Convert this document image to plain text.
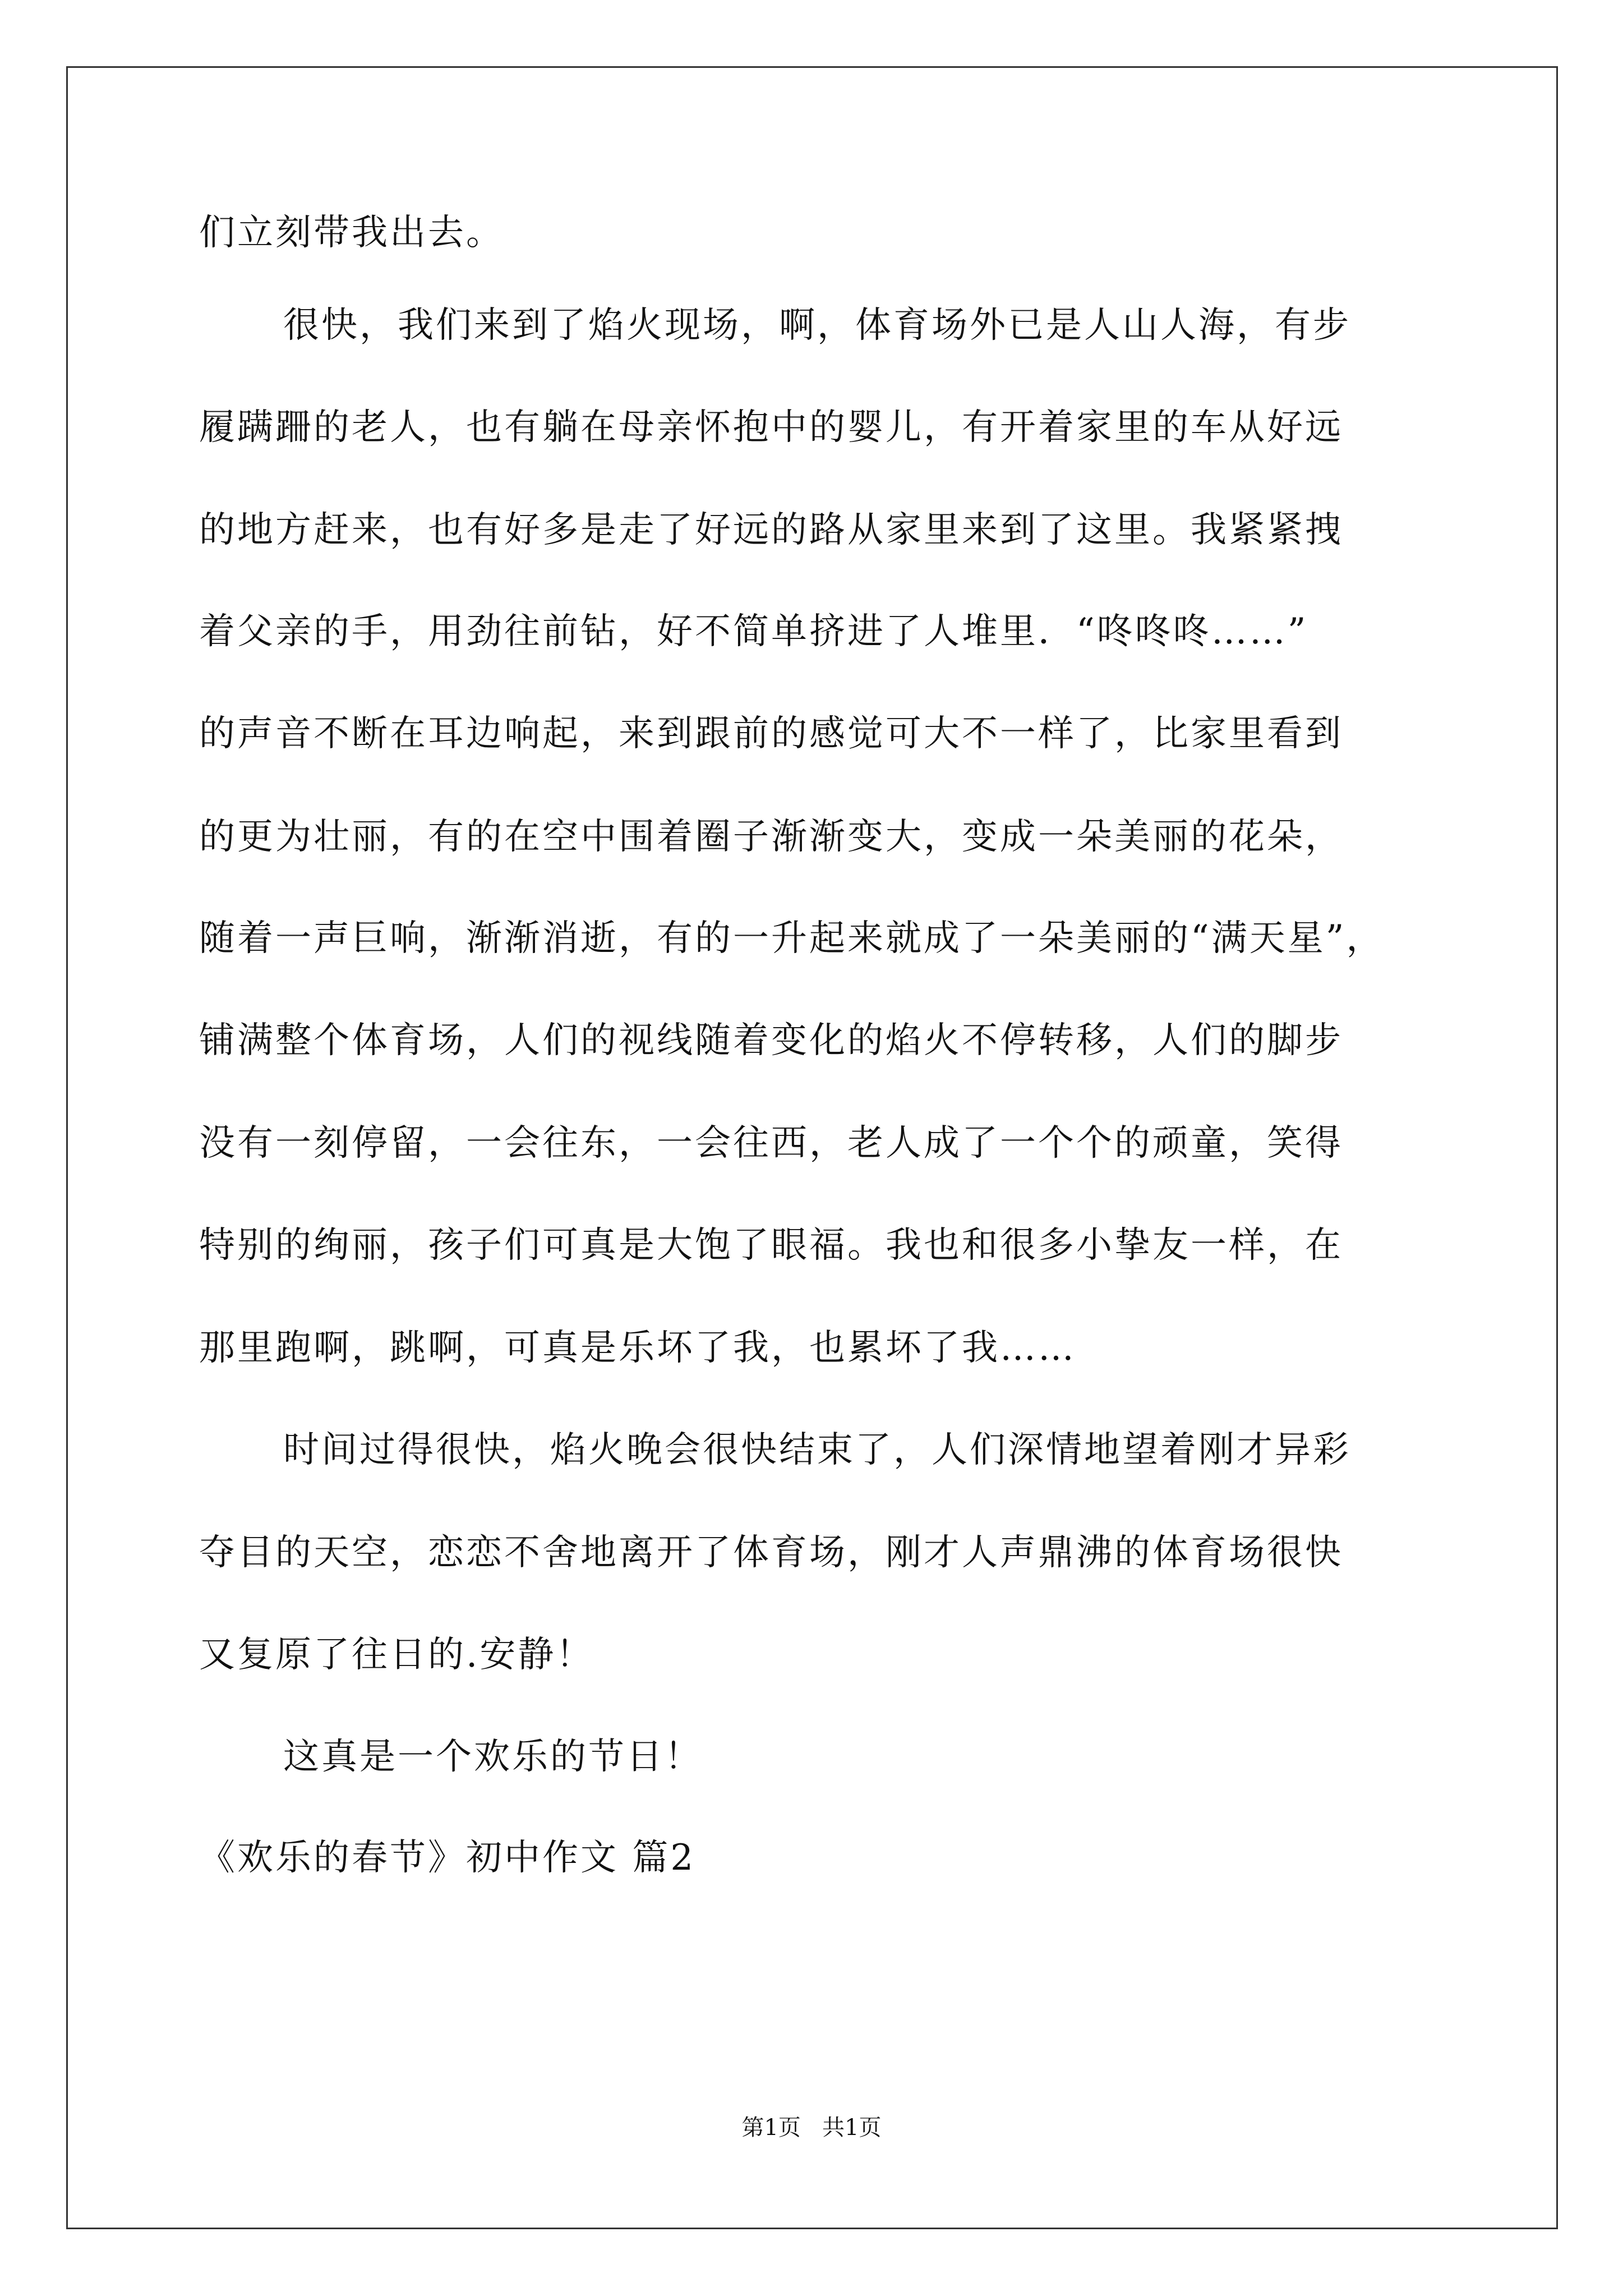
们立刻带我出去。
很快，我们来到了焰火现场，啊，体育场外已是人山人海，有步
履蹒跚的老人，也有躺在母亲怀抱中的婴儿，有开着家里的车从好远
的地方赶来，也有好多是走了好远的路从家里来到了这里。我紧紧拽
着父亲的手，用劲往前钻，好不简单挤进了人堆里．“咚咚咚……”
的声音不断在耳边响起，来到跟前的感觉可大不一样了，比家里看到
的更为壮丽，有的在空中围着圈子渐渐变大，变成一朵美丽的花朵，
随着一声巨响，渐渐消逝，有的一升起来就成了一朵美丽的“满天星”，
铺满整个体育场，人们的视线随着变化的焰火不停转移，人们的脚步
没有一刻停留，一会往东，一会往西，老人成了一个个的顽童，笑得
特别的绚丽，孩子们可真是大饱了眼福。我也和很多小挚友一样，在
那里跑啊，跳啊，可真是乐坏了我，也累坏了我……
时间过得很快，焰火晚会很快结束了，人们深情地望着刚才异彩
夺目的天空，恋恋不舍地离开了体育场，刚才人声鼎沸的体育场很快
又复原了往日的.安静！
这真是一个欢乐的节日！
《欢乐的春节》初中作文 篇2
第1页   共1页
